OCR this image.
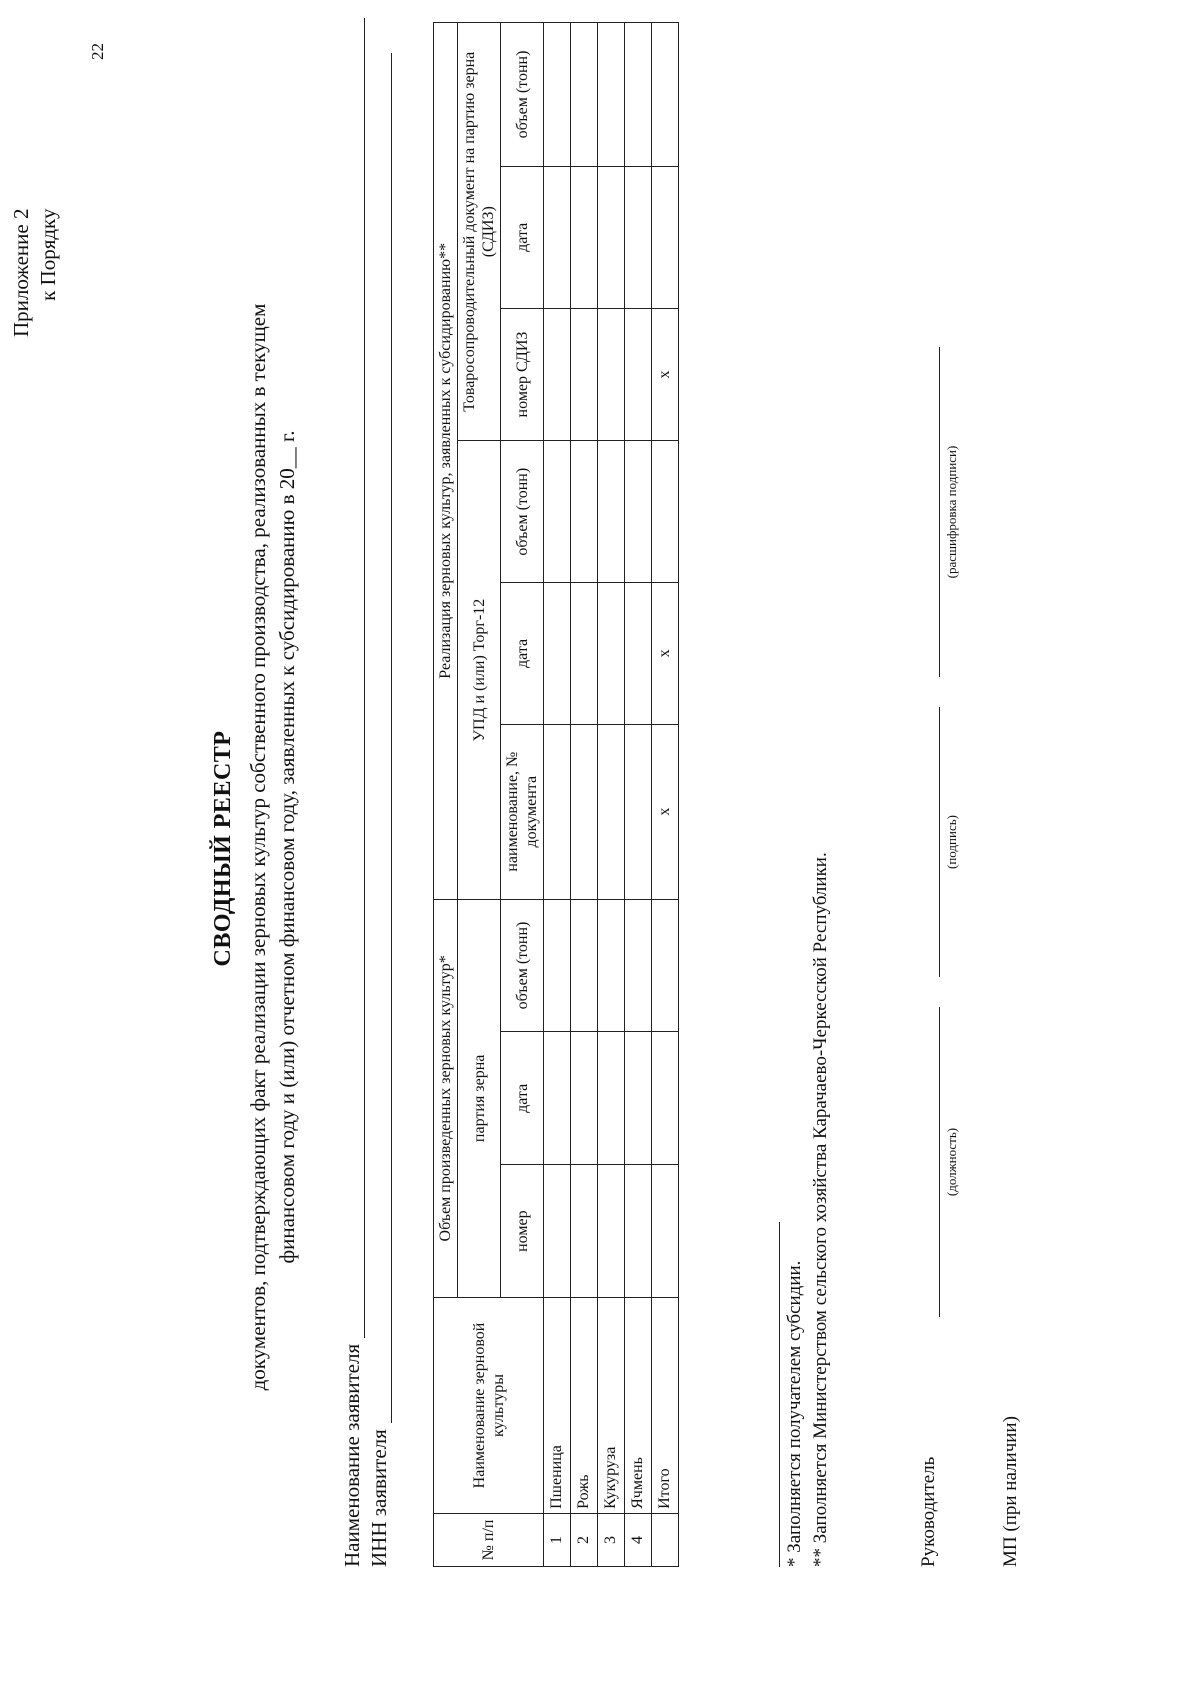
22
Приложение 2 к Порядку
СВОДНЫЙ РЕЕСТР документов, подтверждающих факт реализации зерновых культур собственного производства, реализованных в текущем финансовом году и (или) отчетном финансовом году, заявленных к субсидированию в 20__ г.
Наименование заявителя ИНН заявителя	№ п/п	Наименование зерновой культуры	Объем произведенных зерновых культур*			Реализация зерновых культур, заявленных к субсидированию**					
		партия зерна			УПД и (или) Торг-12			Товаросопроводительный документ на партию зерна (СДИЗ)		
		номер	дата	объем (тонн)	наименование, № документа	дата	объем (тонн)	номер СДИЗ	дата	объем (тонн)
1	Пшеница									
2	Рожь									
3	Кукуруза									
4	Ячмень									
	Итого				x	x		x		
* Заполняется получателем субсидии. ** Заполняется Министерством сельского хозяйства Карачаево-Черкесской Республики.	Руководитель
(должность)
(подпись)
(расшифровка подписи)
МП (при наличии)
